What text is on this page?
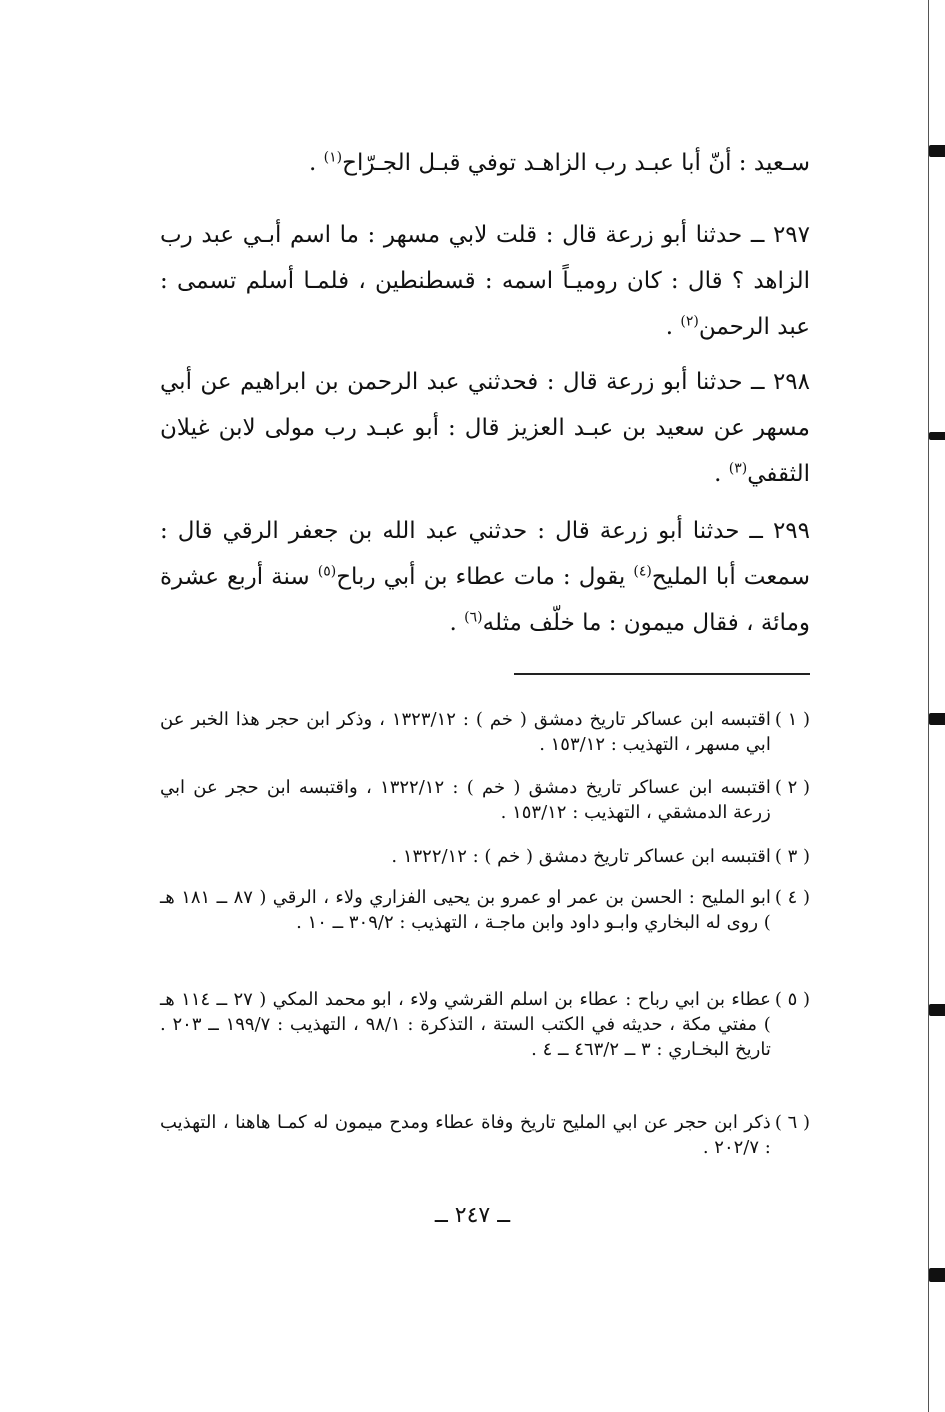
سـعيد : أنّ أبا عبـد رب الزاهـد توفي قبـل الجـرّاح$^{(١)}$ .

٢٩٧ ــ حدثنا أبو زرعة قال : قلت لابي مسهر : ما اسم أبـي عبد رب الزاهد ؟ قال : كان روميـاً اسمه : قسطنطين ، فلمـا أسلم تسمى : عبد الرحمن$^{(٢)}$ .

٢٩٨ ــ حدثنا أبو زرعة قال : فحدثني عبد الرحمن بن ابراهيم عن أبي مسهر عن سعيد بن عبـد العزيز قال : أبو عبـد رب مولى لابن غيلان الثقفي$^{(٣)}$ .

٢٩٩ ــ حدثنا أبو زرعة قال : حدثني عبد الله بن جعفر الرقي قال : سمعت أبا المليح$^{(٤)}$ يقول : مات عطاء بن أبي رباح$^{(٥)}$ سنة أربع عشرة ومائة ، فقال ميمون : ما خلّف مثله$^{(٦)}$ .

( ١ )
اقتبسه ابن عساكر تاريخ دمشق ( خم ) : ١٣٢٣/١٢ ، وذكر ابن حجر هذا الخبر عن ابي مسهر ، التهذيب : ١٥٣/١٢ .
( ٢ )
اقتبسه ابن عساكر تاريخ دمشق ( خم ) : ١٣٢٢/١٢ ، واقتبسه ابن حجر عن ابي زرعة الدمشقي ، التهذيب : ١٥٣/١٢ .
( ٣ )
اقتبسه ابن عساكر تاريخ دمشق ( خم ) : ١٣٢٢/١٢ .
( ٤ )
ابو المليح : الحسن بن عمر او عمرو بن يحيى الفزاري ولاء ، الرقي ( ٨٧ ــ ١٨١ هـ ) روى له البخاري وابـو داود وابن ماجـة ، التهذيب : ٣٠٩/٢ ــ ١٠ .
( ٥ )
عطاء بن ابي رباح : عطاء بن اسلم القرشي ولاء ، ابو محمد المكي ( ٢٧ ــ ١١٤ هـ ) مفتي مكة ، حديثه في الكتب الستة ، التذكرة : ٩٨/١ ، التهذيب : ١٩٩/٧ ــ ٢٠٣ . تاريخ البخـاري : ٣ ــ ٤٦٣/٢ ــ ٤ .
( ٦ )
ذكر ابن حجر عن ابي المليح تاريخ وفاة عطاء ومدح ميمون له كمـا هاهنا ، التهذيب : ٢٠٢/٧ .
ــ ٢٤٧ ــ
